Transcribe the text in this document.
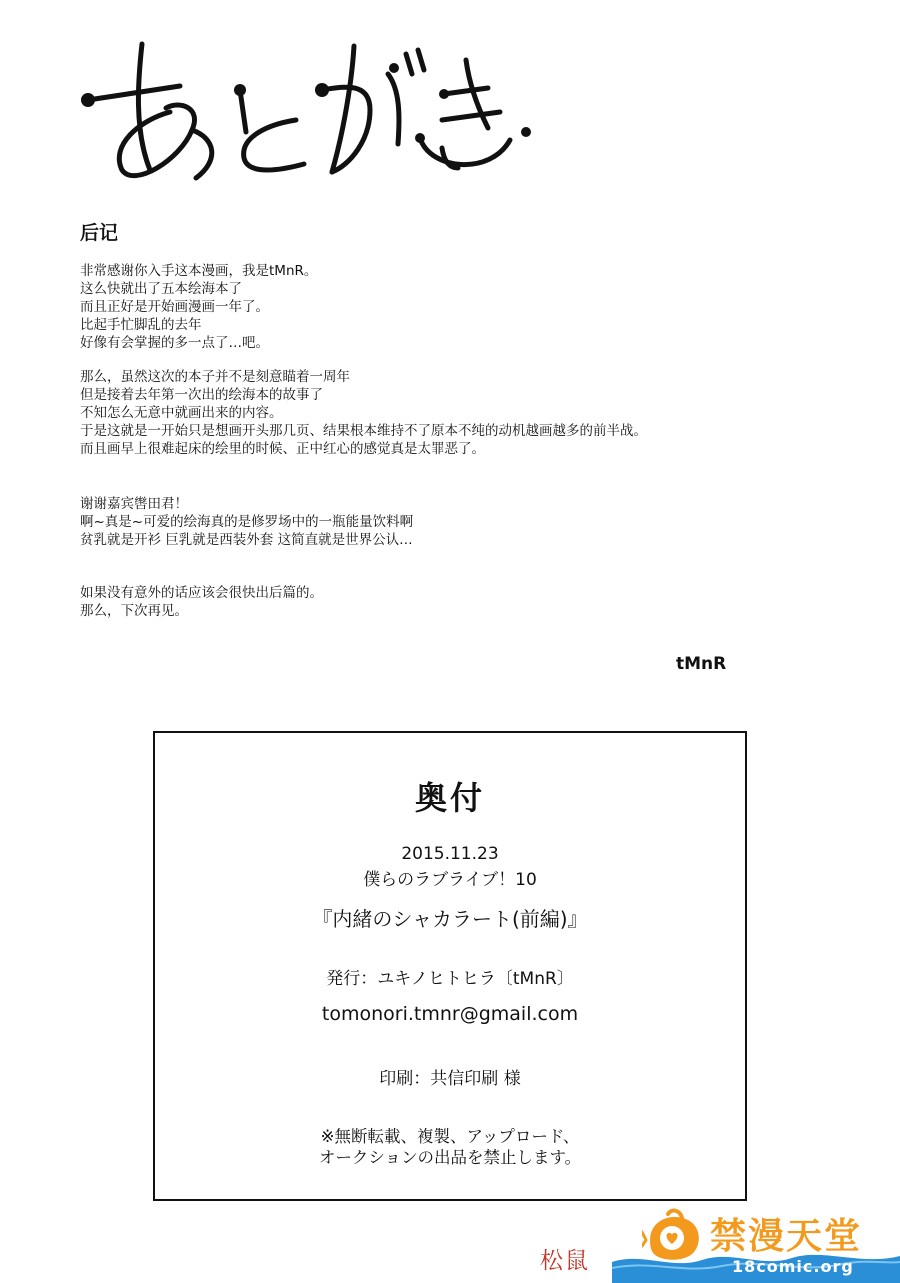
后记
非常感谢你入手这本漫画，我是tMnR。
这么快就出了五本绘海本了
而且正好是开始画漫画一年了。
比起手忙脚乱的去年
好像有会掌握的多一点了…吧。
那么，虽然这次的本子并不是刻意瞄着一周年
但是接着去年第一次出的绘海本的故事了
不知怎么无意中就画出来的内容。
于是这就是一开始只是想画开头那几页、结果根本维持不了原本不纯的动机越画越多的前半战。
而且画早上很难起床的绘里的时候、正中红心的感觉真是太罪恶了。
谢谢嘉宾辔田君！
啊~真是~可爱的绘海真的是修罗场中的一瓶能量饮料啊
贫乳就是开衫 巨乳就是西装外套 这简直就是世界公认…
如果没有意外的话应该会很快出后篇的。
那么，下次再见。
tMnR
奥付
2015.11.23
僕らのラブライブ！10
『内緒のシャカラート(前編)』
発行：ユキノヒトヒラ〔tMnR〕
tomonori.tmnr@gmail.com
印刷：共信印刷 様
※無断転載、複製、アップロード、
オークションの出品を禁止します。
松鼠
禁漫天堂
18comic.org
